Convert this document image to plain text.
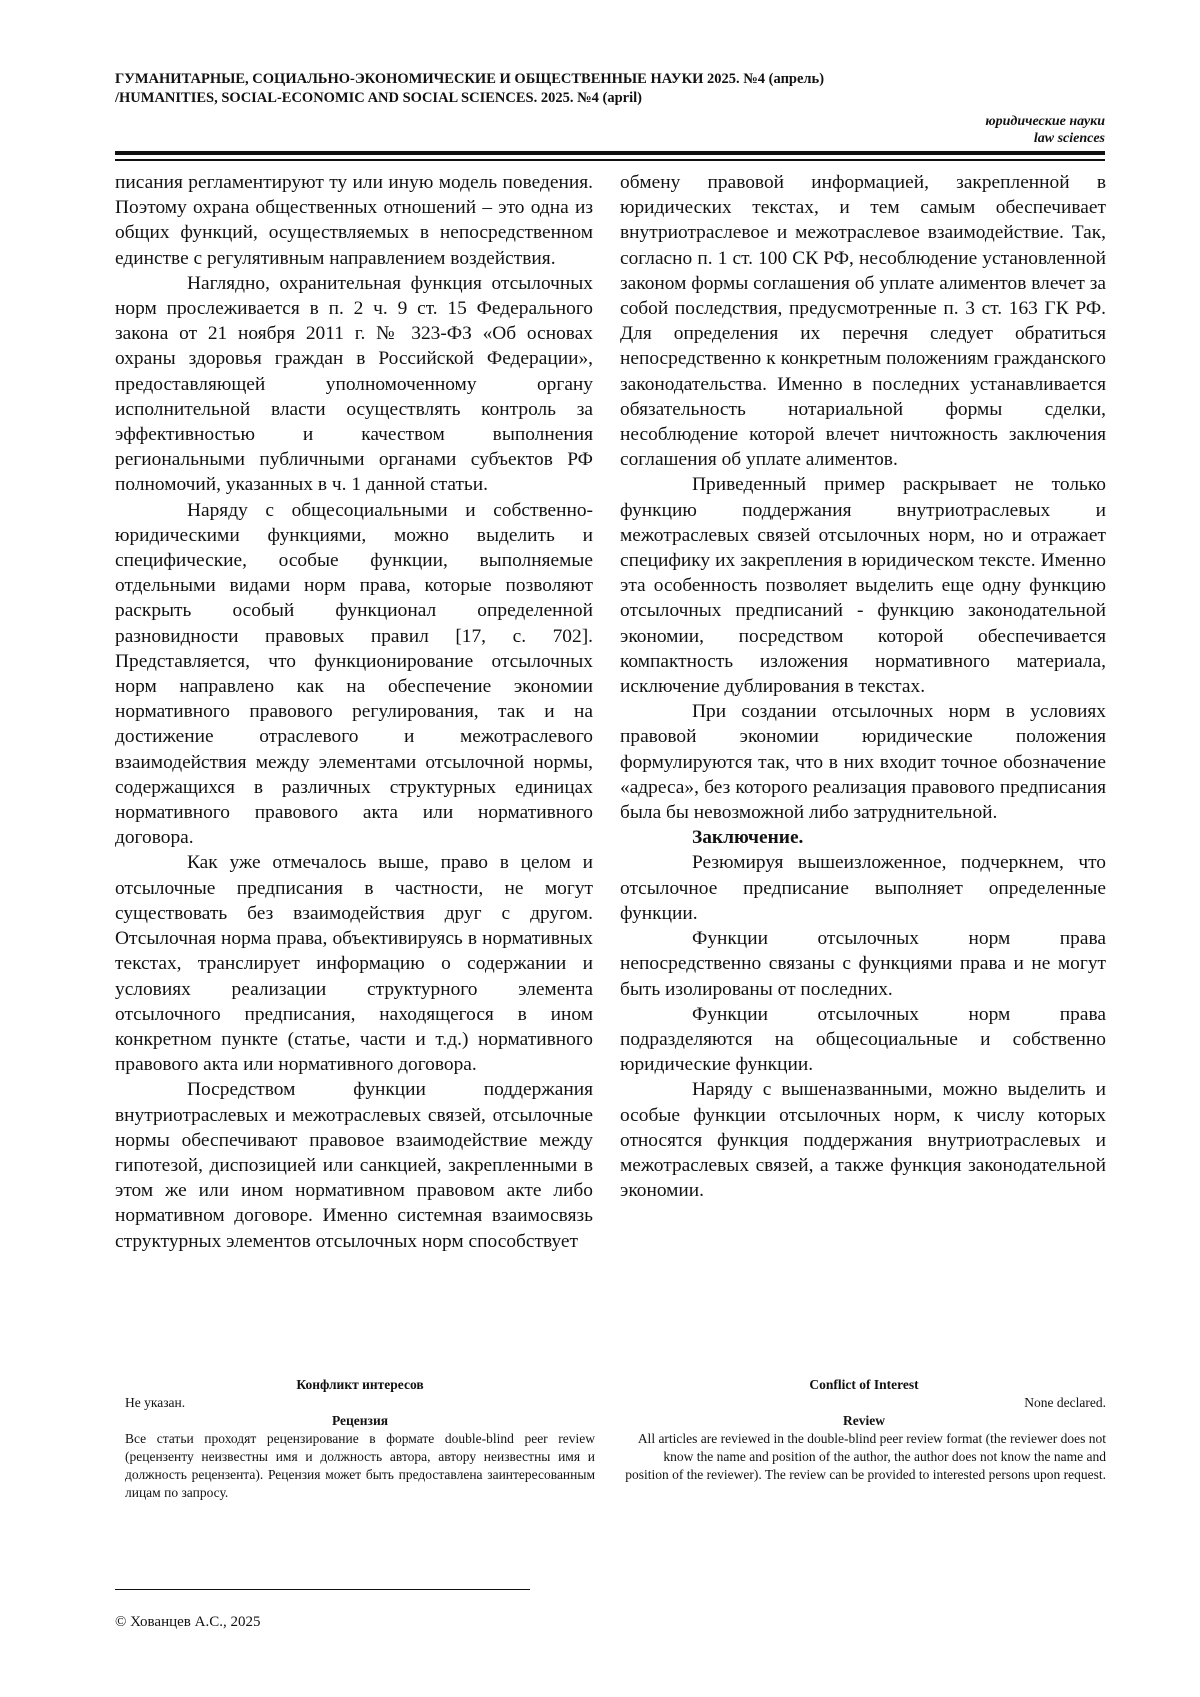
ГУМАНИТАРНЫЕ, СОЦИАЛЬНО-ЭКОНОМИЧЕСКИЕ И ОБЩЕСТВЕННЫЕ НАУКИ 2025. №4 (апрель)
/HUMANITIES, SOCIAL-ECONOMIC AND SOCIAL SCIENCES. 2025. №4 (april)
юридические науки
law sciences

писания регламентируют ту или иную модель поведения. Поэтому охрана общественных отношений – это одна из общих функций, осуществляемых в непосредственном единстве с регулятивным направлением воздействия.

Наглядно, охранительная функция отсылочных норм прослеживается в п. 2 ч. 9 ст. 15 Федерального закона от 21 ноября 2011 г. № 323-ФЗ «Об основах охраны здоровья граждан в Российской Федерации», предоставляющей уполномоченному органу исполнительной власти осуществлять контроль за эффективностью и качеством выполнения региональными публичными органами субъектов РФ полномочий, указанных в ч. 1 данной статьи.

Наряду с общесоциальными и собственно-юридическими функциями, можно выделить и специфические, особые функции, выполняемые отдельными видами норм права, которые позволяют раскрыть особый функционал определенной разновидности правовых правил [17, с. 702]. Представляется, что функционирование отсылочных норм направлено как на обеспечение экономии нормативного правового регулирования, так и на достижение отраслевого и межотраслевого взаимодействия между элементами отсылочной нормы, содержащихся в различных структурных единицах нормативного правового акта или нормативного договора.

Как уже отмечалось выше, право в целом и отсылочные предписания в частности, не могут существовать без взаимодействия друг с другом. Отсылочная норма права, объективируясь в нормативных текстах, транслирует информацию о содержании и условиях реализации структурного элемента отсылочного предписания, находящегося в ином конкретном пункте (статье, части и т.д.) нормативного правового акта или нормативного договора.

Посредством функции поддержания внутриотраслевых и межотраслевых связей, отсылочные нормы обеспечивают правовое взаимодействие между гипотезой, диспозицией или санкцией, закрепленными в этом же или ином нормативном правовом акте либо нормативном договоре. Именно системная взаимосвязь структурных элементов отсылочных норм способствует

обмену правовой информацией, закрепленной в юридических текстах, и тем самым обеспечивает внутриотраслевое и межотраслевое взаимодействие. Так, согласно п. 1 ст. 100 СК РФ, несоблюдение установленной законом формы соглашения об уплате алиментов влечет за собой последствия, предусмотренные п. 3 ст. 163 ГК РФ. Для определения их перечня следует обратиться непосредственно к конкретным положениям гражданского законодательства. Именно в последних устанавливается обязательность нотариальной формы сделки, несоблюдение которой влечет ничтожность заключения соглашения об уплате алиментов.

Приведенный пример раскрывает не только функцию поддержания внутриотраслевых и межотраслевых связей отсылочных норм, но и отражает специфику их закрепления в юридическом тексте. Именно эта особенность позволяет выделить еще одну функцию отсылочных предписаний - функцию законодательной экономии, посредством которой обеспечивается компактность изложения нормативного материала, исключение дублирования в текстах.

При создании отсылочных норм в условиях правовой экономии юридические положения формулируются так, что в них входит точное обозначение «адреса», без которого реализация правового предписания была бы невозможной либо затруднительной.

Заключение.

Резюмируя вышеизложенное, подчеркнем, что отсылочное предписание выполняет определенные функции.

Функции отсылочных норм права непосредственно связаны с функциями права и не могут быть изолированы от последних.

Функции отсылочных норм права подразделяются на общесоциальные и собственно юридические функции.

Наряду с вышеназванными, можно выделить и особые функции отсылочных норм, к числу которых относятся функция поддержания внутриотраслевых и межотраслевых связей, а также функция законодательной экономии.

Конфликт интересов
Не указан.
Рецензия
Все статьи проходят рецензирование в формате double-blind peer review (рецензенту неизвестны имя и должность автора, автору неизвестны имя и должность рецензента). Рецензия может быть предоставлена заинтересованным лицам по запросу.
Conflict of Interest
None declared.
Review
All articles are reviewed in the double-blind peer review format (the reviewer does not know the name and position of the author, the author does not know the name and position of the reviewer). The review can be provided to interested persons upon request.
© Хованцев А.С., 2025
